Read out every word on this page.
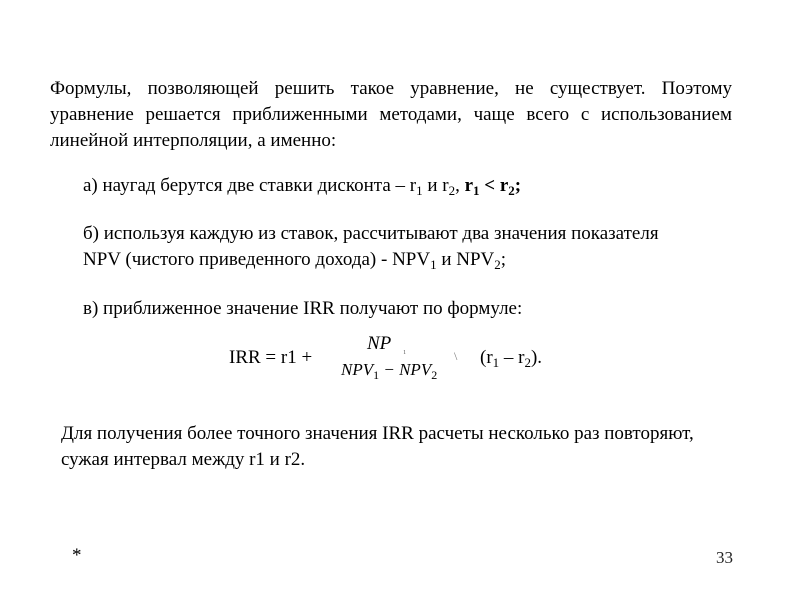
Формулы, позволяющей решить такое уравнение, не существует. Поэтому уравнение решается приближенными методами, чаще всего с использованием линейной интерполяции, а именно:

а) наугад берутся две ставки дисконта – $r_1$ и $r_2$, $r_1 < r_2$;

б) используя каждую из ставок, рассчитывают два значения показателя
NPV (чистого приведенного дохода) - $NPV_1$ и $NPV_2$;

в) приближенное значение IRR получают по формуле:

IRR = r1 +
NP ₁
$NPV_1 - NPV_2$
\ $(r_1 - r_2)$.

Для получения более точного значения IRR расчеты несколько раз повторяют,
сужая интервал между r1 и r2.

*	33
